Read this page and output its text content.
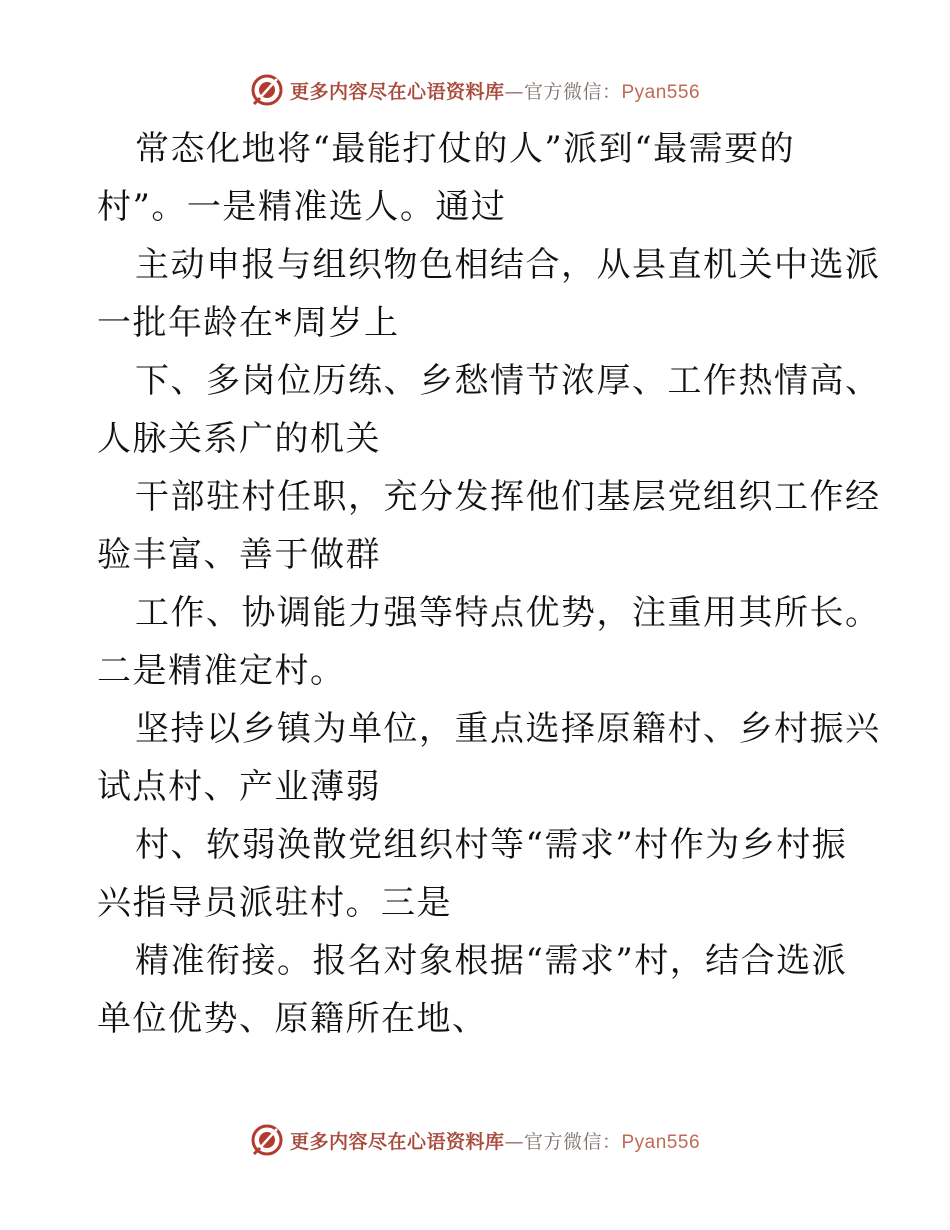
更多内容尽在心语资料库—官方微信：Pyan556
常态化地将“最能打仗的人”派到“最需要的
村”。一是精准选人。通过
主动申报与组织物色相结合，从县直机关中选派
一批年龄在*周岁上
下、多岗位历练、乡愁情节浓厚、工作热情高、
人脉关系广的机关
干部驻村任职，充分发挥他们基层党组织工作经
验丰富、善于做群
工作、协调能力强等特点优势，注重用其所长。
二是精准定村。
坚持以乡镇为单位，重点选择原籍村、乡村振兴
试点村、产业薄弱
村、软弱涣散党组织村等“需求”村作为乡村振
兴指导员派驻村。三是
精准衔接。报名对象根据“需求”村，结合选派
单位优势、原籍所在地、
更多内容尽在心语资料库—官方微信：Pyan556
